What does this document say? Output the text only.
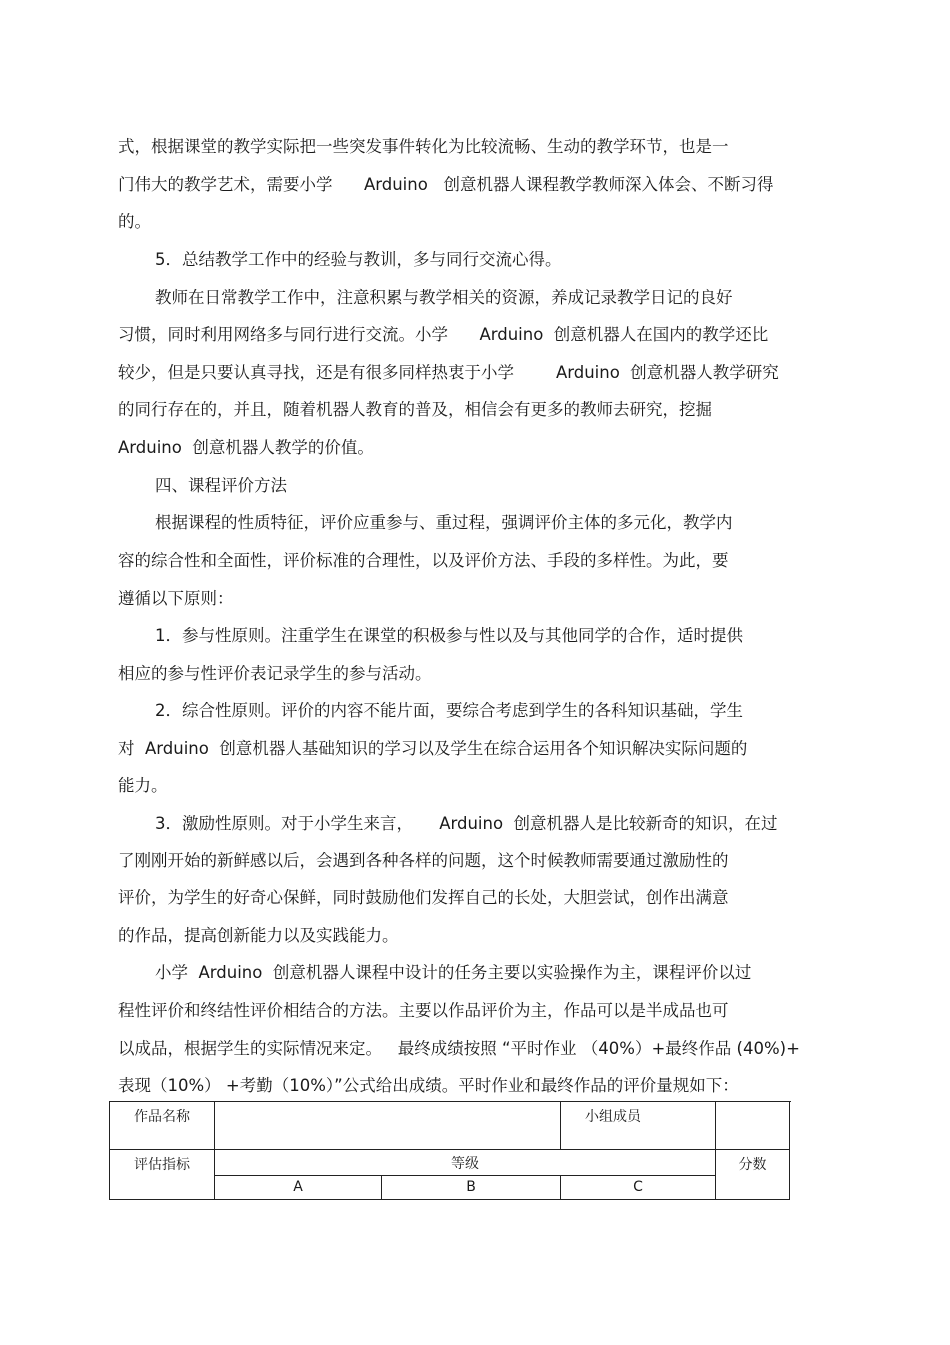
式，根据课堂的教学实际把一些突发事件转化为比较流畅、生动的教学环节，也是一
门伟大的教学艺术，需要小学      Arduino   创意机器人课程教学教师深入体会、不断习得
的。
5．总结教学工作中的经验与教训，多与同行交流心得。
教师在日常教学工作中，注意积累与教学相关的资源，养成记录教学日记的良好
习惯，同时利用网络多与同行进行交流。小学      Arduino  创意机器人在国内的教学还比
较少，但是只要认真寻找，还是有很多同样热衷于小学        Arduino  创意机器人教学研究
的同行存在的，并且，随着机器人教育的普及，相信会有更多的教师去研究，挖掘
Arduino  创意机器人教学的价值。
四、课程评价方法
根据课程的性质特征，评价应重参与、重过程，强调评价主体的多元化，教学内
容的综合性和全面性，评价标准的合理性，以及评价方法、手段的多样性。为此，要
遵循以下原则：
1．参与性原则。注重学生在课堂的积极参与性以及与其他同学的合作，适时提供
相应的参与性评价表记录学生的参与活动。
2．综合性原则。评价的内容不能片面，要综合考虑到学生的各科知识基础，学生
对  Arduino  创意机器人基础知识的学习以及学生在综合运用各个知识解决实际问题的
能力。
3．激励性原则。对于小学生来言，     Arduino  创意机器人是比较新奇的知识，在过
了刚刚开始的新鲜感以后，会遇到各种各样的问题，这个时候教师需要通过激励性的
评价，为学生的好奇心保鲜，同时鼓励他们发挥自己的长处，大胆尝试，创作出满意
的作品，提高创新能力以及实践能力。
小学  Arduino  创意机器人课程中设计的任务主要以实验操作为主，课程评价以过
程性评价和终结性评价相结合的方法。主要以作品评价为主，作品可以是半成品也可
以成品，根据学生的实际情况来定。   最终成绩按照 “平时作业 （40%）+最终作品 (40%)+
表现（10%） +考勤（10%）”公式给出成绩。平时作业和最终作品的评价量规如下：
作品名称			小组成员	

评估指标	等级			分数

	A	B	C	
